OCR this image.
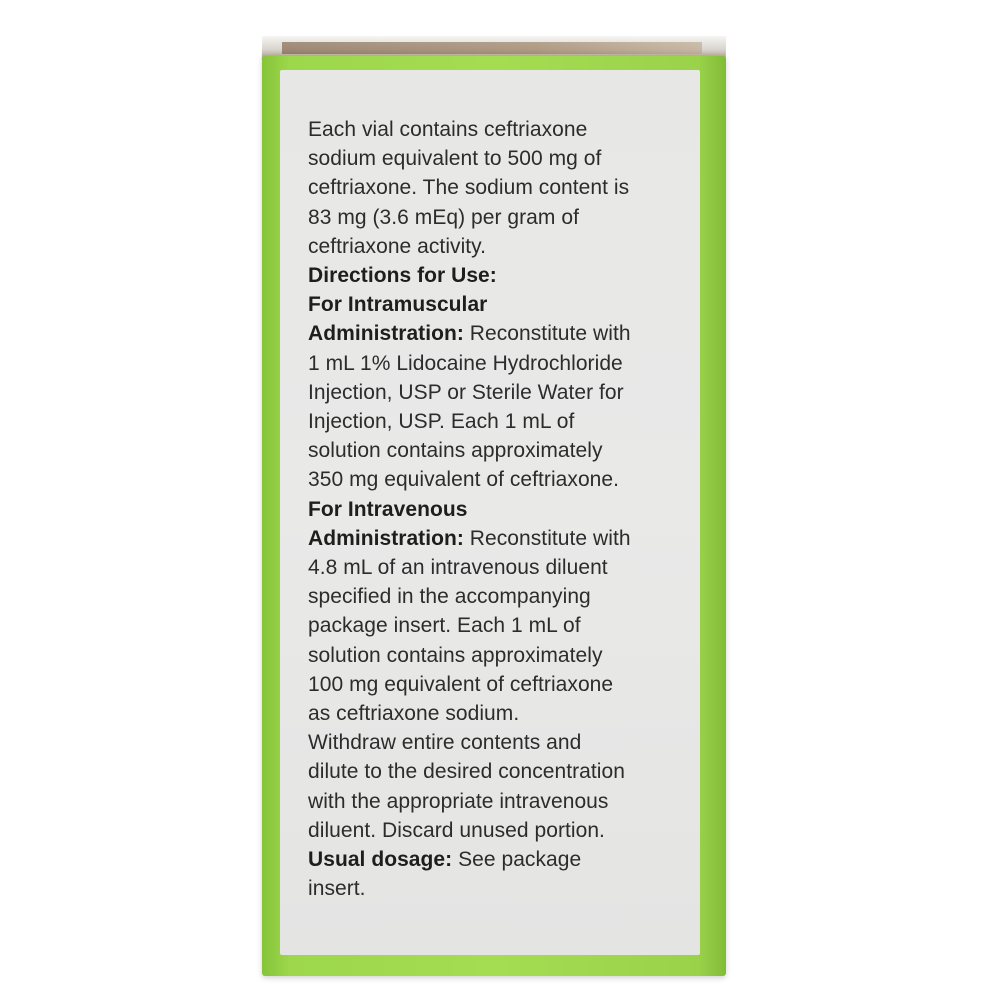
Each vial contains ceftriaxone
sodium equivalent to 500 mg of
ceftriaxone. The sodium content is
83 mg (3.6 mEq) per gram of
ceftriaxone activity.

Directions for Use:

For Intramuscular

Administration: Reconstitute with

1 mL 1% Lidocaine Hydrochloride
Injection, USP or Sterile Water for
Injection, USP. Each 1 mL of
solution contains approximately
350 mg equivalent of ceftriaxone.

For Intravenous

Administration: Reconstitute with

4.8 mL of an intravenous diluent
specified in the accompanying
package insert. Each 1 mL of
solution contains approximately
100 mg equivalent of ceftriaxone
as ceftriaxone sodium.
Withdraw entire contents and
dilute to the desired concentration
with the appropriate intravenous
diluent. Discard unused portion.

Usual dosage: See package

insert.
